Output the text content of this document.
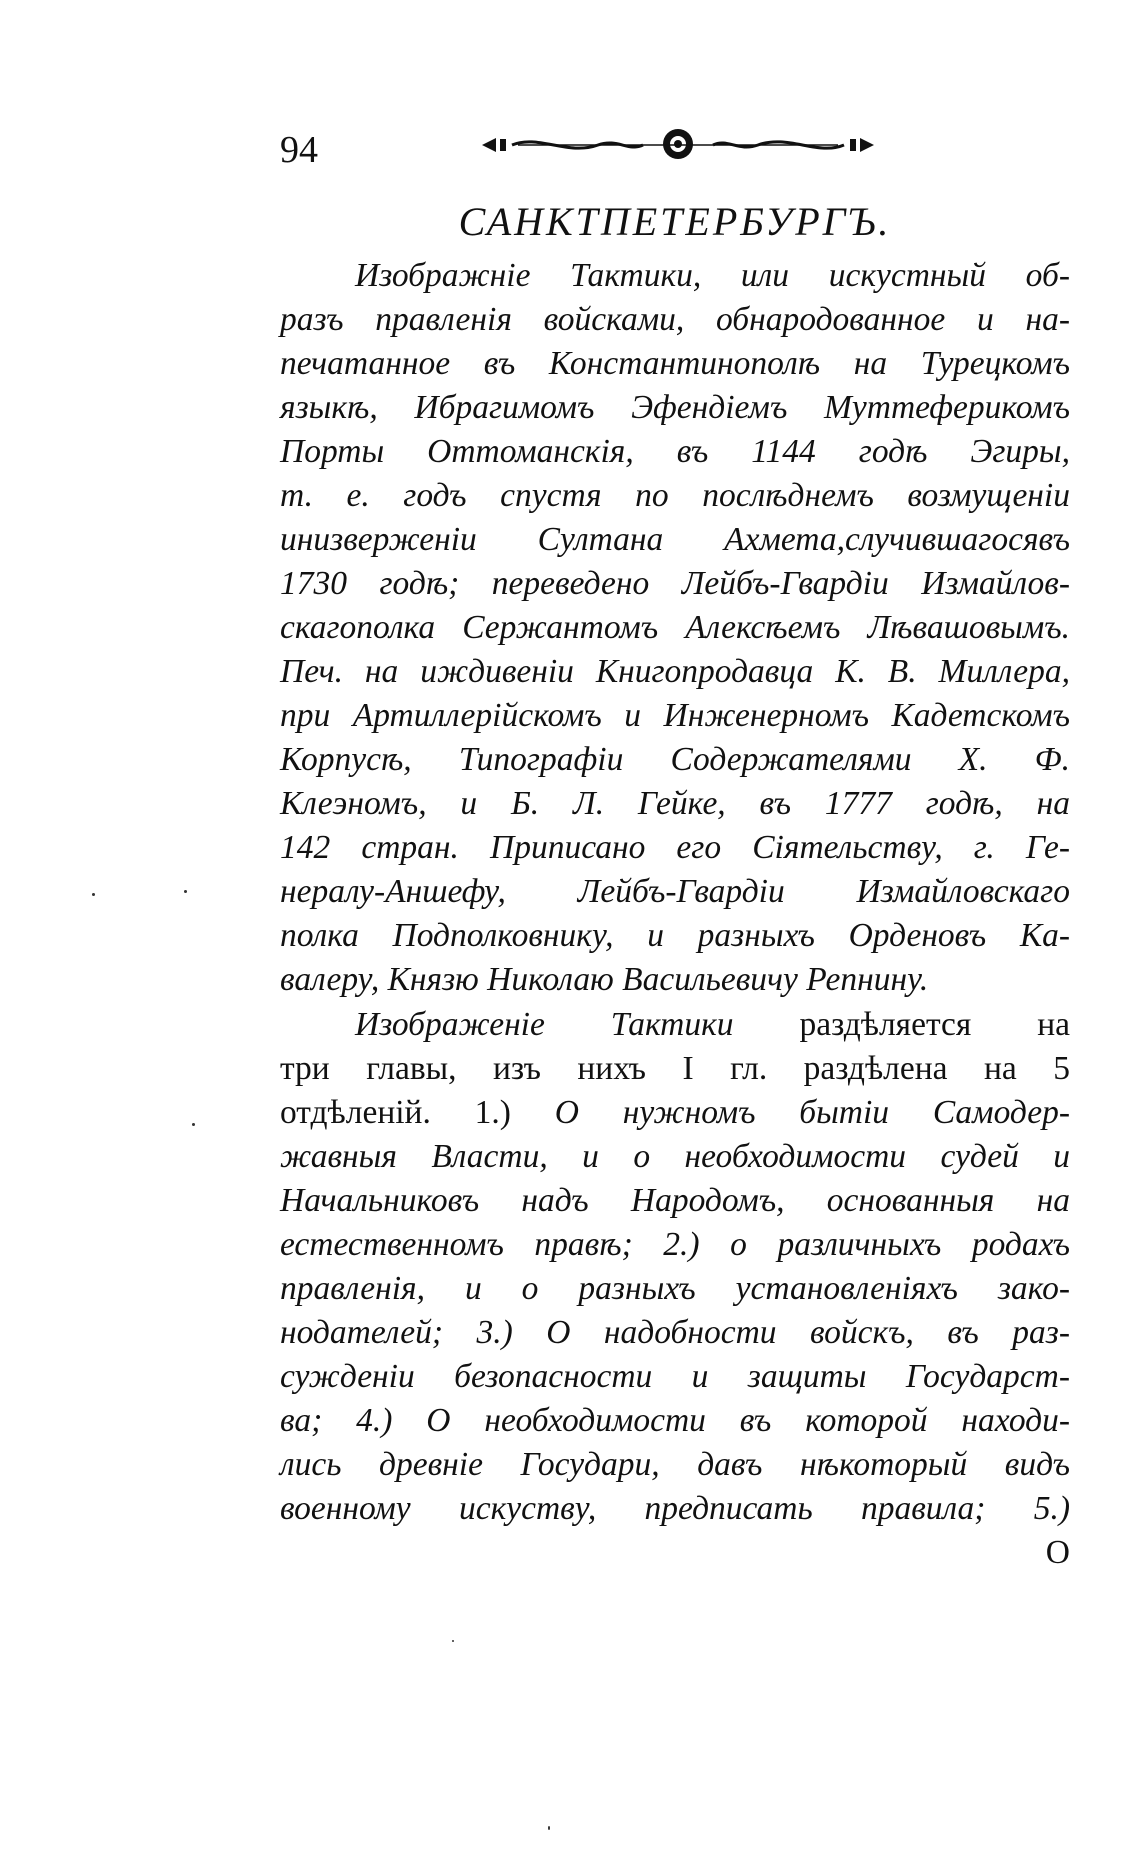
94
САНКТПЕТЕРБУРГЪ.
Изображнiе Тактики, или искустный об-
разъ правленiя войсками, обнародованное и на-
печатанное въ Константинополѣ на Турецкомъ
языкѣ, Ибрагимомъ Эфендiемъ Муттеферикомъ
Порты Оттоманскiя, въ 1144 годѣ Эгиры,
т. е. годъ спустя по послѣднемъ возмущенiи
инизверженiи Султана Ахмета,случившагосявъ
1730 годѣ; переведено Лейбъ-Гвардiи Измайлов-
скагополка Сержантомъ Алексѣемъ Лѣвашовымъ.
Печ. на иждивенiи Книгопродавца К. В. Миллера,
при Артиллерiйскомъ и Инженерномъ Кадетскомъ
Корпусѣ, Типографiи Содержателями Х. Ф.
Клеэномъ, и Б. Л. Гейке, въ 1777 годѣ, на
142 стран. Приписано его Сiятельству, г. Ге-
нералу-Аншефу, Лейбъ-Гвардiи Измайловскаго
полка Подполковнику, и разныхъ Орденовъ Ка-
валеру, Князю Николаю Васильевичу Репнину.
Изображенiе Тактики раздѣляется на
три главы, изъ нихъ I гл. раздѣлена на 5
отдѣленiй. 1.) О нужномъ бытiи Самодер-
жавныя Власти, и о необходимости судей и
Начальниковъ надъ Народомъ, основанныя на
естественномъ правѣ; 2.) о различныхъ родахъ
правленiя, и о разныхъ установленiяхъ зако-
нодателей; 3.) О надобности войскъ, въ раз-
сужденiи безопасности и защиты Государст-
ва; 4.) О необходимости въ которой находи-
лись древнiе Государи, давъ нѣкоторый видъ
военному искуству, предписать правила; 5.)
О
